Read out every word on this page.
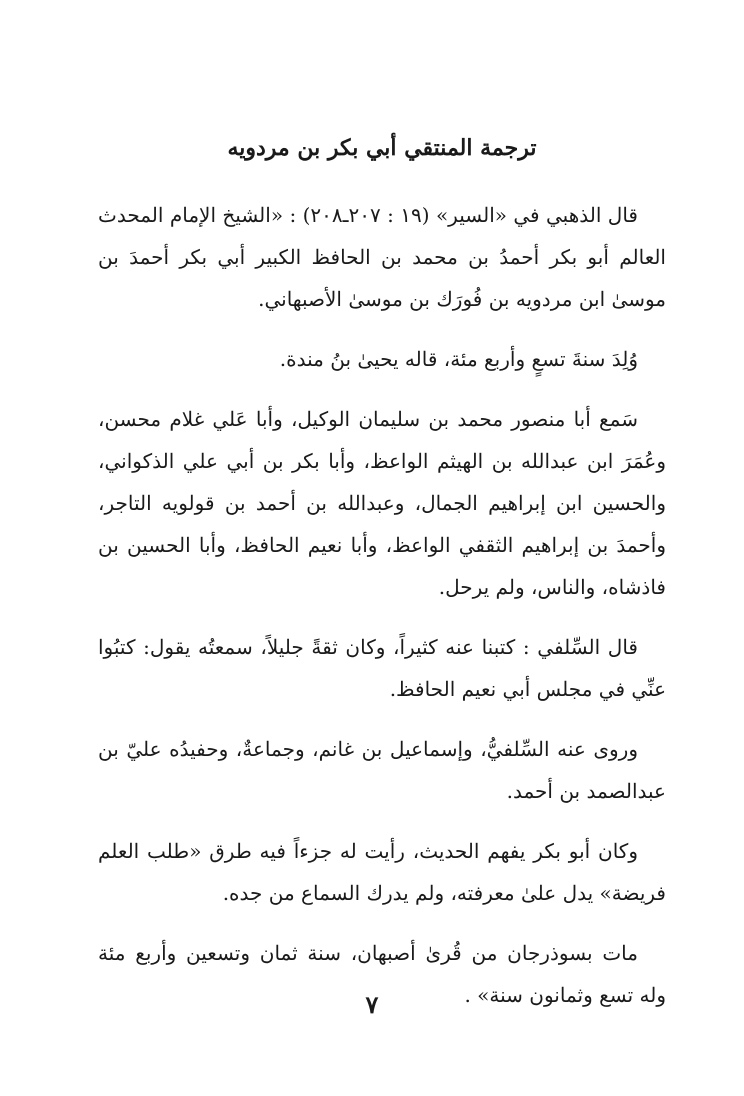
ترجمة المنتقي أبي بكر بن مردويه

قال الذهبي في «السير» (١٩ : ٢٠٧ـ٢٠٨) : «الشيخ الإمام المحدث العالم أبو بكر أحمدُ بن محمد بن الحافظ الكبير أبي بكر أحمدَ بن موسىٰ ابن مردويه بن فُورَك بن موسىٰ الأصبهاني.

وُلِدَ سنةَ تسعٍ وأربع مئة، قاله يحيىٰ بنُ مندة.

سَمع أبا منصور محمد بن سليمان الوكيل، وأبا عَلي غلام محسن، وعُمَرَ ابن عبدالله بن الهيثم الواعظ، وأبا بكر بن أبي علي الذكواني، والحسين ابن إبراهيم الجمال، وعبدالله بن أحمد بن قولويه التاجر، وأحمدَ بن إبراهيم الثقفي الواعظ، وأبا نعيم الحافظ، وأبا الحسين بن فاذشاه، والناس، ولم يرحل.

قال السِّلفي : كتبنا عنه كثيراً، وكان ثقةً جليلاً، سمعتُه يقول: كتبُوا عنِّي في مجلس أبي نعيم الحافظ.

وروى عنه السِّلفيُّ، وإسماعيل بن غانم، وجماعةٌ، وحفيدُه عليّ بن عبدالصمد بن أحمد.

وكان أبو بكر يفهم الحديث، رأيت له جزءاً فيه طرق «طلب العلم فريضة» يدل علىٰ معرفته، ولم يدرك السماع من جده.

مات بسوذرجان من قُرىٰ أصبهان، سنة ثمان وتسعين وأربع مئة وله تسع وثمانون سنة» .

٧
